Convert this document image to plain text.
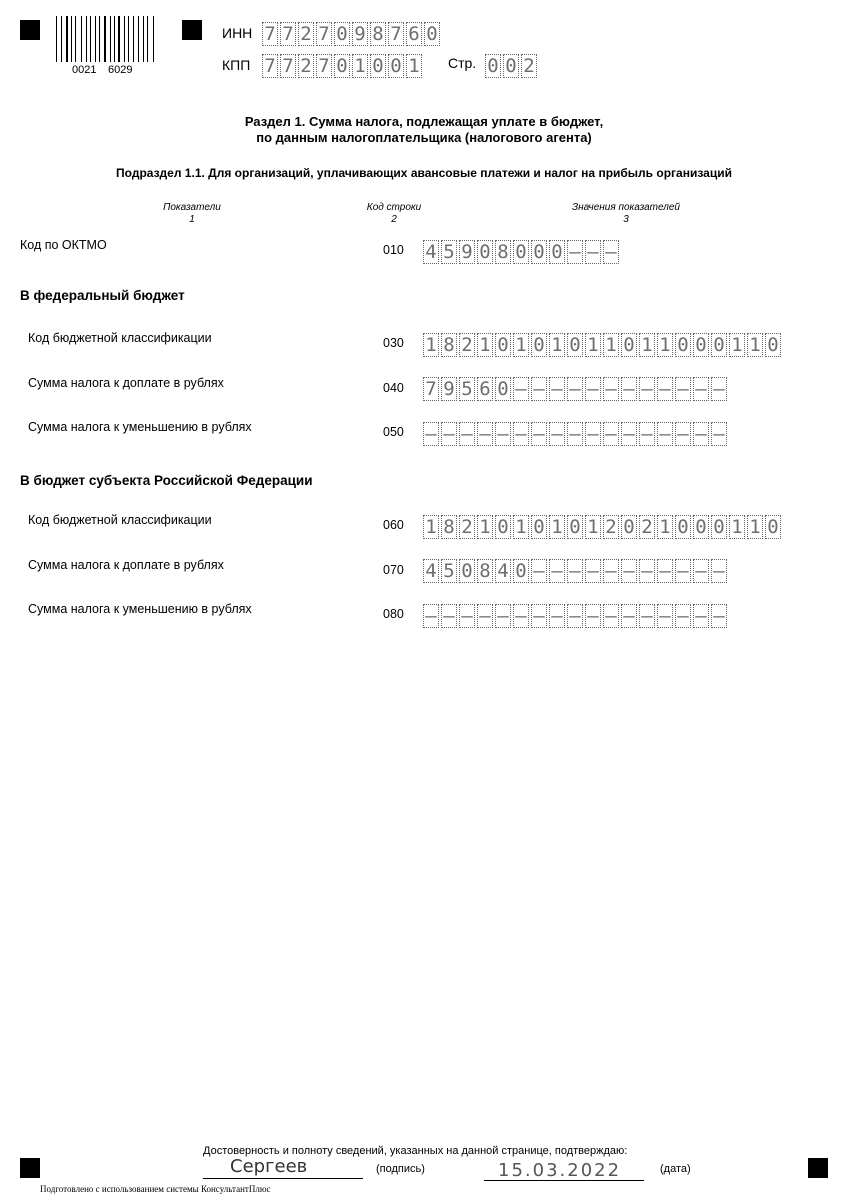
0021 6029
ИНН 7 7 2 7 0 9 8 7 6 0
КПП 7 7 2 7 0 1 0 0 1 Стр. 0 0 2
Раздел 1. Сумма налога, подлежащая уплате в бюджет,
по данным налогоплательщика (налогового агента)
Подраздел 1.1. Для организаций, уплачивающих авансовые платежи и налог на прибыль организаций
Показатели
1
Код строки
2
Значения показателей
3
Код по ОКТМО	010 4 5 9 0 8 0 0 0 – – –
В федеральный бюджет
Код бюджетной классификации	030 1 8 2 1 0 1 0 1 0 1 1 0 1 1 0 0 0 1 1 0
Сумма налога к доплате в рублях	040 7 9 5 6 0 – – – – – – – – – – – –
Сумма налога к уменьшению в рублях	050 – – – – – – – – – – – – – – – – –
В бюджет субъекта Российской Федерации
Код бюджетной классификации	060 1 8 2 1 0 1 0 1 0 1 2 0 2 1 0 0 0 1 1 0
Сумма налога к доплате в рублях	070 4 5 0 8 4 0 – – – – – – – – – – –
Сумма налога к уменьшению в рублях	080 – – – – – – – – – – – – – – – – –
Достоверность и полноту сведений, указанных на данной странице, подтверждаю:
Сергеев	(подпись)	15.03.2022	(дата)
Подготовлено с использованием системы КонсультантПлюс
